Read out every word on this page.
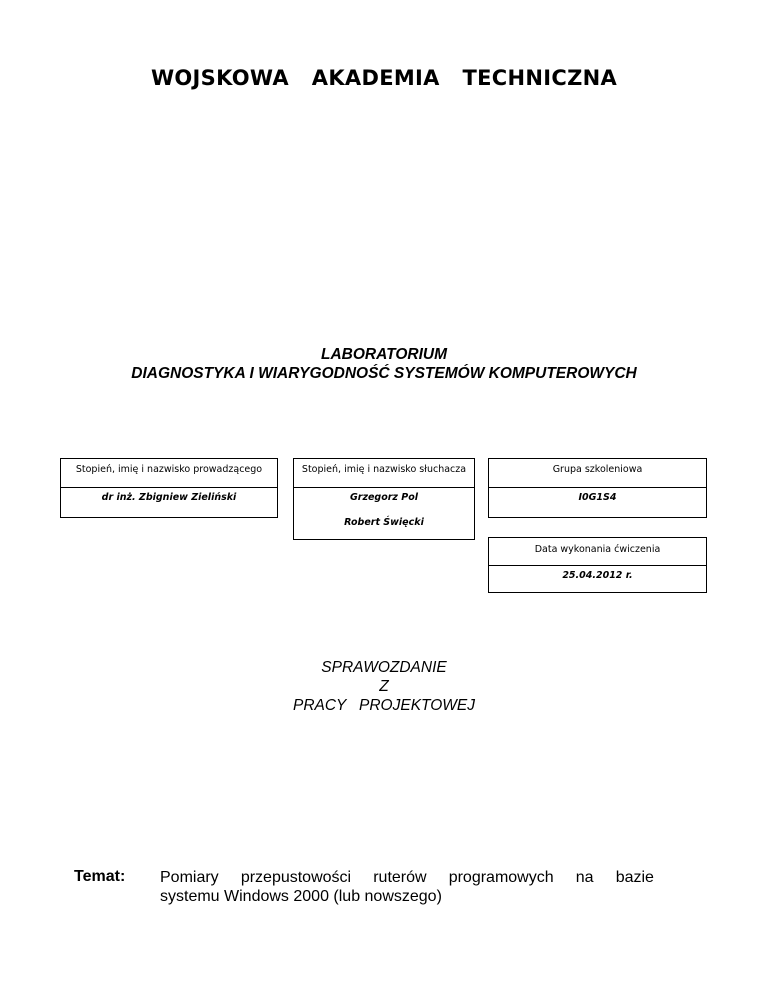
WOJSKOWA   AKADEMIA   TECHNICZNA
LABORATORIUM
DIAGNOSTYKA I WIARYGODNOŚĆ SYSTEMÓW KOMPUTEROWYCH
Stopień, imię i nazwisko prowadzącego
dr inż. Zbigniew Zieliński
Stopień, imię i nazwisko słuchacza
Grzegorz Pol
Robert Święcki
Grupa szkoleniowa
I0G1S4
Data wykonania ćwiczenia
25.04.2012 r.
SPRAWOZDANIE
Z
PRACY   PROJEKTOWEJ
Temat: Pomiary przepustowości ruterów programowych na bazie
systemu Windows 2000 (lub nowszego)
